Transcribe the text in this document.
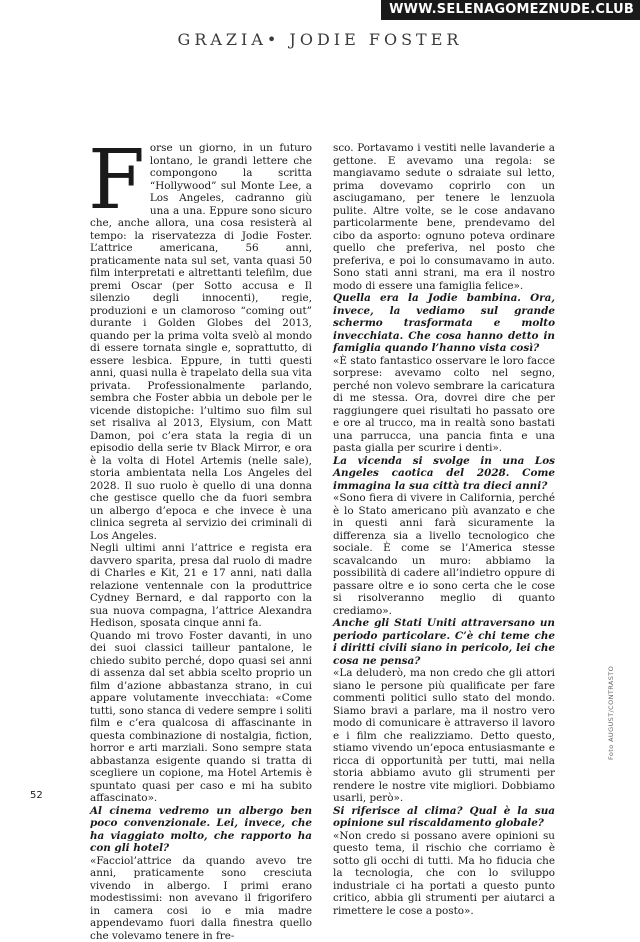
WWW.SELENAGOMEZNUDE.CLUB
GRAZIA• JODIE FOSTER
F orse un giorno, in un futuro lontano, le grandi lettere che compongono la scritta “Hollywood” sul Monte Lee, a Los Angeles, cadranno giù una a una. Eppure sono sicuro che, anche allora, una cosa resisterà al tempo: la riservatezza di Jodie Foster. L’attrice americana, 56 anni, praticamente nata sul set, vanta quasi 50 film interpretati e altrettanti telefilm, due premi Oscar (per Sotto accusa e Il silenzio degli innocenti), regie, produzioni e un clamoroso “coming out” durante i Golden Globes del 2013, quando per la prima volta svelò al mondo di essere tornata single e, soprattutto, di essere lesbica. Eppure, in tutti questi anni, quasi nulla è trapelato della sua vita privata. Professionalmente parlando, sembra che Foster abbia un debole per le vicende distopiche: l’ultimo suo film sul set risaliva al 2013, Elysium, con Matt Damon, poi c’era stata la regia di un episodio della serie tv Black Mirror, e ora è la volta di Hotel Artemis (nelle sale), storia ambientata nella Los Angeles del 2028. Il suo ruolo è quello di una donna che gestisce quello che da fuori sembra un albergo d’epoca e che invece è una clinica segreta al servizio dei criminali di Los Angeles.

Negli ultimi anni l’attrice e regista era davvero sparita, presa dal ruolo di madre di Charles e Kit, 21 e 17 anni, nati dalla relazione ventennale con la produttrice Cydney Bernard, e dal rapporto con la sua nuova compagna, l’attrice Alexandra Hedison, sposata cinque anni fa.

Quando mi trovo Foster davanti, in uno dei suoi classici tailleur pantalone, le chiedo subito perché, dopo quasi sei anni di assenza dal set abbia scelto proprio un film d’azione abbastanza strano, in cui appare volutamente invecchiata: «Come tutti, sono stanca di vedere sempre i soliti film e c’era qualcosa di affascinante in questa combinazione di nostalgia, fiction, horror e arti marziali. Sono sempre stata abbastanza esigente quando si tratta di scegliere un copione, ma Hotel Artemis è spuntato quasi per caso e mi ha subito affascinato».

Al cinema vedremo un albergo ben poco convenzionale. Lei, invece, che ha viaggiato molto, che rapporto ha con gli hotel?

«Facciol’attrice da quando avevo tre anni, praticamente sono cresciuta vivendo in albergo. I primi erano modestissimi: non avevano il frigorifero in camera cosi io e mia madre appendevamo fuori dalla finestra quello che volevamo tenere in fre-

sco. Portavamo i vestiti nelle lavanderie a gettone. E avevamo una regola: se mangiavamo sedute o sdraiate sul letto, prima dovevamo coprirlo con un asciugamano, per tenere le lenzuola pulite. Altre volte, se le cose andavano particolarmente bene, prendevamo del cibo da asporto: ognuno poteva ordinare quello che preferiva, nel posto che preferiva, e poi lo consumavamo in auto. Sono stati anni strani, ma era il nostro modo di essere una famiglia felice».

Quella era la Jodie bambina. Ora, invece, la vediamo sul grande schermo trasformata e molto invecchiata. Che cosa hanno detto in famiglia quando l’hanno vista così?

«È stato fantastico osservare le loro facce sorprese: avevamo colto nel segno, perché non volevo sembrare la caricatura di me stessa. Ora, dovrei dire che per raggiungere quei risultati ho passato ore e ore al trucco, ma in realtà sono bastati una parrucca, una pancia finta e una pasta gialla per scurire i denti».

La vicenda si svolge in una Los Angeles caotica del 2028. Come immagina la sua città tra dieci anni?

«Sono fiera di vivere in California, perché è lo Stato americano più avanzato e che in questi anni farà sicuramente la differenza sia a livello tecnologico che sociale. È come se l’America stesse scavalcando un muro: abbiamo la possibilità di cadere all’indietro oppure di passare oltre e io sono certa che le cose si risolveranno meglio di quanto crediamo».

Anche gli Stati Uniti attraversano un periodo particolare. C’è chi teme che i diritti civili siano in pericolo, lei che cosa ne pensa?

«La deluderò, ma non credo che gli attori siano le persone più qualificate per fare commenti politici sullo stato del mondo. Siamo bravi a parlare, ma il nostro vero modo di comunicare è attraverso il lavoro e i film che realizziamo. Detto questo, stiamo vivendo un’epoca entusiasmante e ricca di opportunità per tutti, mai nella storia abbiamo avuto gli strumenti per rendere le nostre vite migliori. Dobbiamo usarli, però».

Si riferisce al clima? Qual è la sua opinione sul riscaldamento globale?

«Non credo si possano avere opinioni su questo tema, il rischio che corriamo è sotto gli occhi di tutti. Ma ho fiducia che la tecnologia, che con lo sviluppo industriale ci ha portati a questo punto critico, abbia gli strumenti per aiutarci a rimettere le cose a posto».

Foto AUGUST/CONTRASTO
52
